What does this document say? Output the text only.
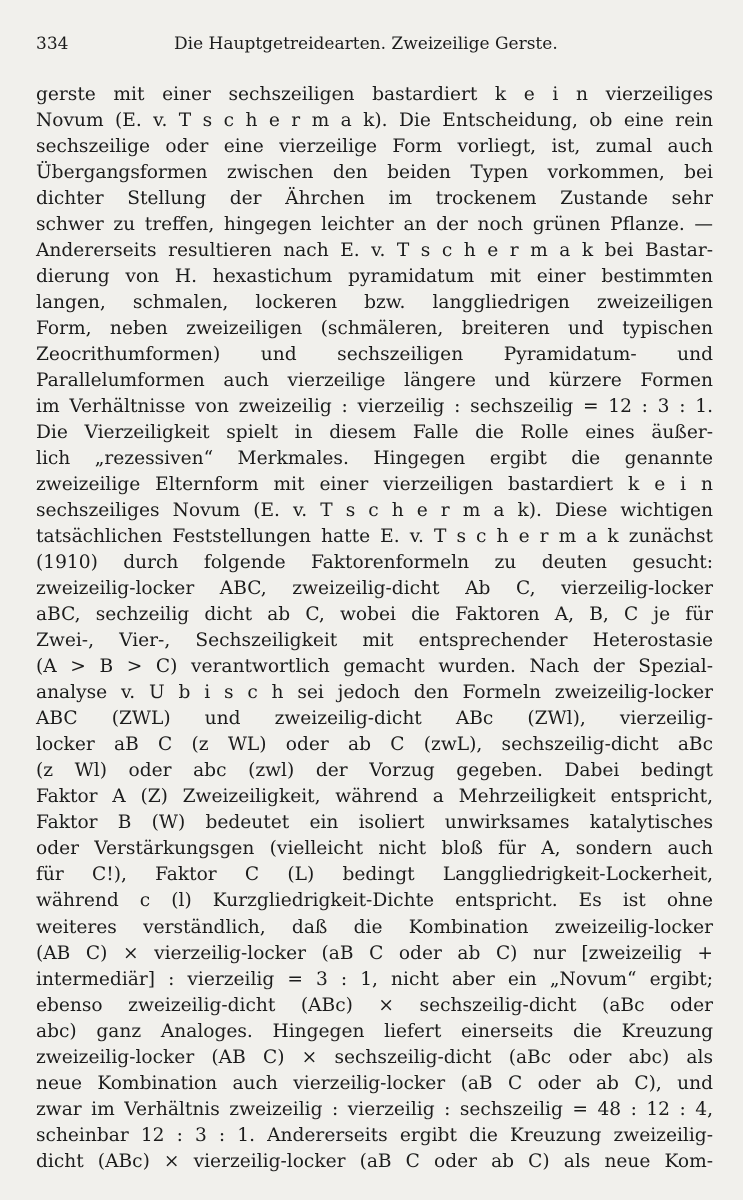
334	Die Hauptgetreidearten. Zweizeilige Gerste.
gerste mit einer sechszeiligen bastardiert k e i n vierzeiliges
Novum (E. v. T s c h e r m a k). Die Entscheidung, ob eine rein
sechszeilige oder eine vierzeilige Form vorliegt, ist, zumal auch
Übergangsformen zwischen den beiden Typen vorkommen, bei
dichter Stellung der Ährchen im trockenem Zustande sehr
schwer zu treffen, hingegen leichter an der noch grünen Pflanze. —
Andererseits resultieren nach E. v. T s c h e r m a k bei Bastar-
dierung von H. hexastichum pyramidatum mit einer bestimmten
langen, schmalen, lockeren bzw. langgliedrigen zweizeiligen
Form, neben zweizeiligen (schmäleren, breiteren und typischen
Zeocrithumformen) und sechszeiligen Pyramidatum- und
Parallelumformen auch vierzeilige längere und kürzere Formen
im Verhältnisse von zweizeilig : vierzeilig : sechszeilig = 12 : 3 : 1.
Die Vierzeiligkeit spielt in diesem Falle die Rolle eines äußer-
lich „rezessiven“ Merkmales. Hingegen ergibt die genannte
zweizeilige Elternform mit einer vierzeiligen bastardiert k e i n
sechszeiliges Novum (E. v. T s c h e r m a k). Diese wichtigen
tatsächlichen Feststellungen hatte E. v. T s c h e r m a k zunächst
(1910) durch folgende Faktorenformeln zu deuten gesucht:
zweizeilig-locker ABC, zweizeilig-dicht Ab C, vierzeilig-locker
aBC, sechzeilig dicht ab C, wobei die Faktoren A, B, C je für
Zwei-, Vier-, Sechszeiligkeit mit entsprechender Heterostasie
(A > B > C) verantwortlich gemacht wurden. Nach der Spezial-
analyse v. U b i s c h sei jedoch den Formeln zweizeilig-locker
ABC (ZWL) und zweizeilig-dicht ABc (ZWl), vierzeilig-
locker aB C (z WL) oder ab C (zwL), sechszeilig-dicht aBc
(z Wl) oder abc (zwl) der Vorzug gegeben. Dabei bedingt
Faktor A (Z) Zweizeiligkeit, während a Mehrzeiligkeit entspricht,
Faktor B (W) bedeutet ein isoliert unwirksames katalytisches
oder Verstärkungsgen (vielleicht nicht bloß für A, sondern auch
für C!), Faktor C (L) bedingt Langgliedrigkeit-Lockerheit,
während c (l) Kurzgliedrigkeit-Dichte entspricht. Es ist ohne
weiteres verständlich, daß die Kombination zweizeilig-locker
(AB C) × vierzeilig-locker (aB C oder ab C) nur [zweizeilig +
intermediär] : vierzeilig = 3 : 1, nicht aber ein „Novum“ ergibt;
ebenso zweizeilig-dicht (ABc) × sechszeilig-dicht (aBc oder
abc) ganz Analoges. Hingegen liefert einerseits die Kreuzung
zweizeilig-locker (AB C) × sechszeilig-dicht (aBc oder abc) als
neue Kombination auch vierzeilig-locker (aB C oder ab C), und
zwar im Verhältnis zweizeilig : vierzeilig : sechszeilig = 48 : 12 : 4,
scheinbar 12 : 3 : 1. Andererseits ergibt die Kreuzung zweizeilig-
dicht (ABc) × vierzeilig-locker (aB C oder ab C) als neue Kom-
